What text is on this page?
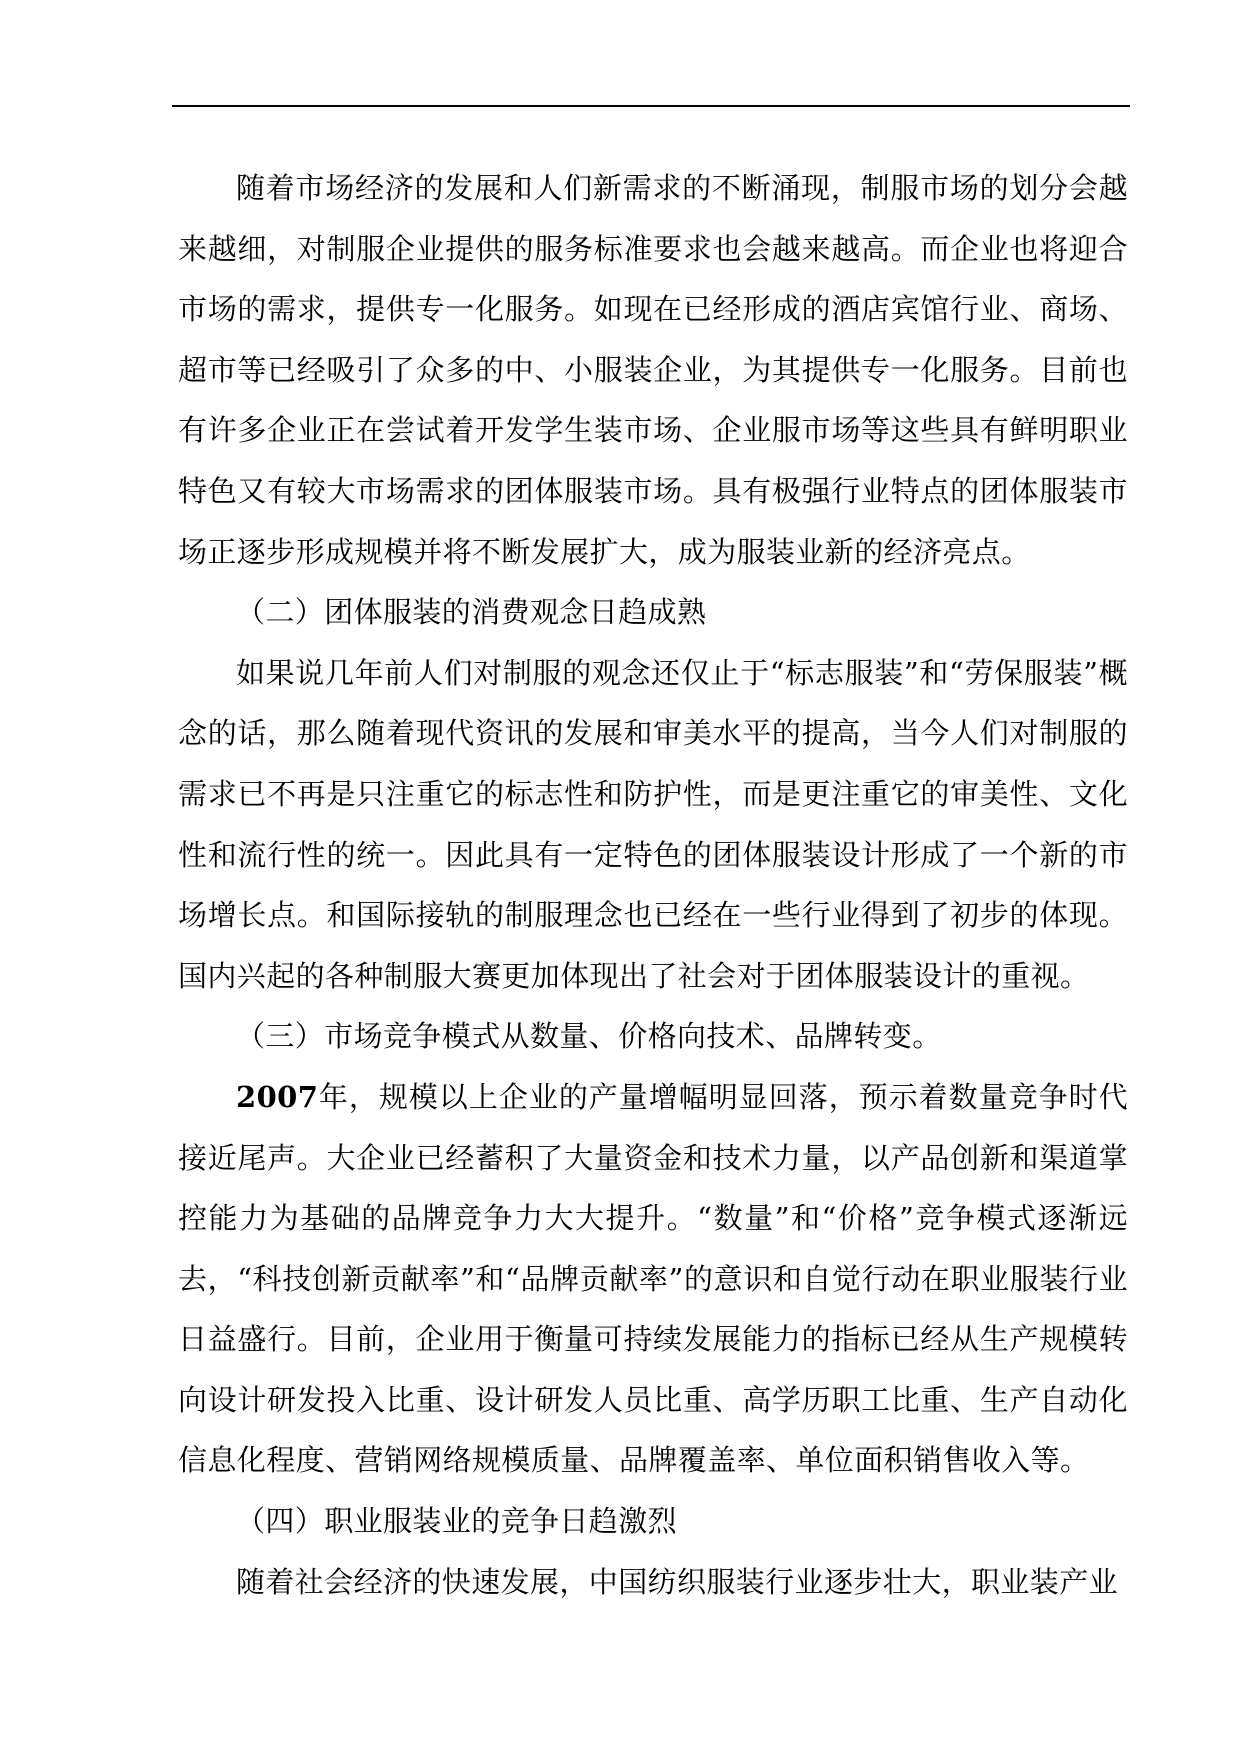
随着市场经济的发展和人们新需求的不断涌现，制服市场的划分会越来越细，对制服企业提供的服务标准要求也会越来越高。而企业也将迎合市场的需求，提供专一化服务。如现在已经形成的酒店宾馆行业、商场、超市等已经吸引了众多的中、小服装企业，为其提供专一化服务。目前也有许多企业正在尝试着开发学生装市场、企业服市场等这些具有鲜明职业特色又有较大市场需求的团体服装市场。具有极强行业特点的团体服装市场正逐步形成规模并将不断发展扩大，成为服装业新的经济亮点。

（二）团体服装的消费观念日趋成熟

如果说几年前人们对制服的观念还仅止于“标志服装”和“劳保服装”概念的话，那么随着现代资讯的发展和审美水平的提高，当今人们对制服的需求已不再是只注重它的标志性和防护性，而是更注重它的审美性、文化性和流行性的统一。因此具有一定特色的团体服装设计形成了一个新的市场增长点。和国际接轨的制服理念也已经在一些行业得到了初步的体现。国内兴起的各种制服大赛更加体现出了社会对于团体服装设计的重视。

（三）市场竞争模式从数量、价格向技术、品牌转变。

2007年，规模以上企业的产量增幅明显回落，预示着数量竞争时代接近尾声。大企业已经蓄积了大量资金和技术力量，以产品创新和渠道掌控能力为基础的品牌竞争力大大提升。“数量”和“价格”竞争模式逐渐远去，“科技创新贡献率”和“品牌贡献率”的意识和自觉行动在职业服装行业日益盛行。目前，企业用于衡量可持续发展能力的指标已经从生产规模转向设计研发投入比重、设计研发人员比重、高学历职工比重、生产自动化信息化程度、营销网络规模质量、品牌覆盖率、单位面积销售收入等。

（四）职业服装业的竞争日趋激烈

随着社会经济的快速发展，中国纺织服装行业逐步壮大，职业装产业
